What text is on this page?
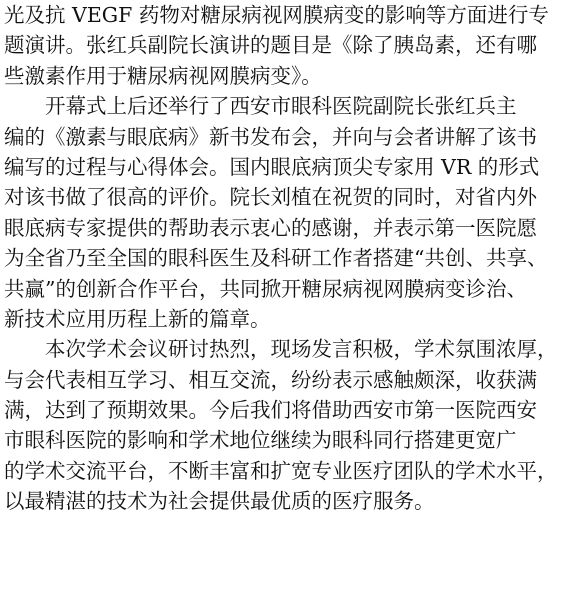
光及抗 VEGF 药物对糖尿病视网膜病变的影响等方面进行专
题演讲。张红兵副院长演讲的题目是《除了胰岛素，还有哪
些激素作用于糖尿病视网膜病变》。
　　开幕式上后还举行了西安市眼科医院副院长张红兵主
编的《激素与眼底病》新书发布会，并向与会者讲解了该书
编写的过程与心得体会。国内眼底病顶尖专家用 VR 的形式
对该书做了很高的评价。院长刘植在祝贺的同时，对省内外
眼底病专家提供的帮助表示衷心的感谢，并表示第一医院愿
为全省乃至全国的眼科医生及科研工作者搭建“共创、共享、
共赢”的创新合作平台，共同掀开糖尿病视网膜病变诊治、
新技术应用历程上新的篇章。
　　本次学术会议研讨热烈，现场发言积极，学术氛围浓厚，
与会代表相互学习、相互交流，纷纷表示感触颇深，收获满
满，达到了预期效果。今后我们将借助西安市第一医院西安
市眼科医院的影响和学术地位继续为眼科同行搭建更宽广
的学术交流平台，不断丰富和扩宽专业医疗团队的学术水平，
以最精湛的技术为社会提供最优质的医疗服务。
